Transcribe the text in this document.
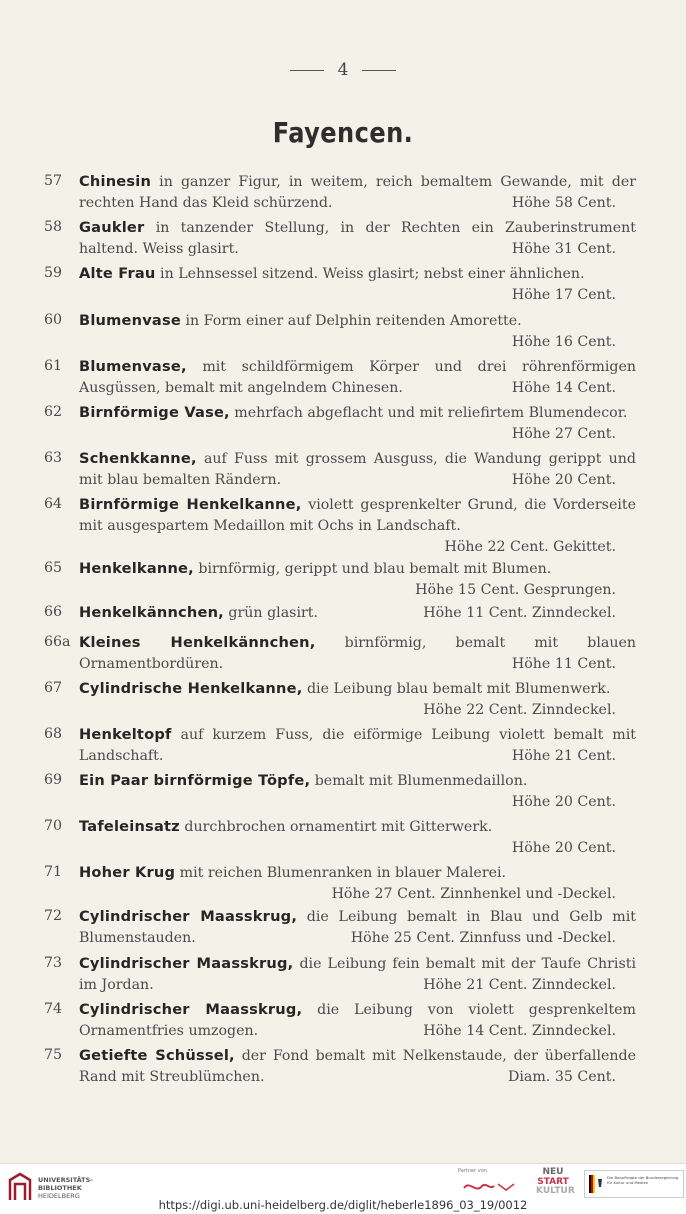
4
Fayencen.
57	Chinesin in ganzer Figur, in weitem, reich bemaltem Gewande, mit der rechten Hand das Kleid schürzend.	Höhe 58 Cent.
58	Gaukler in tanzender Stellung, in der Rechten ein Zauberinstrument haltend. Weiss glasirt.	Höhe 31 Cent.
59	Alte Frau in Lehnsessel sitzend. Weiss glasirt; nebst einer ähnlichen.
Höhe 17 Cent.
60	Blumenvase in Form einer auf Delphin reitenden Amorette.
Höhe 16 Cent.
61	Blumenvase, mit schildförmigem Körper und drei röhrenförmigen Ausgüssen, bemalt mit angelndem Chinesen.	Höhe 14 Cent.
62	Birnförmige Vase, mehrfach abgeflacht und mit reliefirtem Blumendecor.
Höhe 27 Cent.
63	Schenkkanne, auf Fuss mit grossem Ausguss, die Wandung gerippt und mit blau bemalten Rändern.	Höhe 20 Cent.
64	Birnförmige Henkelkanne, violett gesprenkelter Grund, die Vorderseite mit ausgespartem Medaillon mit Ochs in Landschaft.
Höhe 22 Cent. Gekittet.
65	Henkelkanne, birnförmig, gerippt und blau bemalt mit Blumen.
Höhe 15 Cent. Gesprungen.
66	Henkelkännchen, grün glasirt.	Höhe 11 Cent. Zinndeckel.
66a Kleines Henkelkännchen, birnförmig, bemalt mit blauen Ornamentbordüren.	Höhe 11 Cent.
67	Cylindrische Henkelkanne, die Leibung blau bemalt mit Blumenwerk.
Höhe 22 Cent. Zinndeckel.
68	Henkeltopf auf kurzem Fuss, die eiförmige Leibung violett bemalt mit Landschaft.	Höhe 21 Cent.
69	Ein Paar birnförmige Töpfe, bemalt mit Blumenmedaillon.
Höhe 20 Cent.
70	Tafeleinsatz durchbrochen ornamentirt mit Gitterwerk.
Höhe 20 Cent.
71	Hoher Krug mit reichen Blumenranken in blauer Malerei.
Höhe 27 Cent. Zinnhenkel und -Deckel.
72	Cylindrischer Maasskrug, die Leibung bemalt in Blau und Gelb mit Blumenstauden.	Höhe 25 Cent. Zinnfuss und -Deckel.
73	Cylindrischer Maasskrug, die Leibung fein bemalt mit der Taufe Christi im Jordan.	Höhe 21 Cent. Zinndeckel.
74	Cylindrischer Maasskrug, die Leibung von violett gesprenkeltem Ornamentfries umzogen.	Höhe 14 Cent. Zinndeckel.
75	Getiefte Schüssel, der Fond bemalt mit Nelkenstaude, der überfallende Rand mit Streublümchen.	Diam. 35 Cent.
UNIVERSITÄTS-
BIBLIOTHEK
HEIDELBERG
https://digi.ub.uni-heidelberg.de/diglit/heberle1896_03_19/0012
Partner von	NEU
START
KULTUR
Die Beauftragte der Bundesregierung für Kultur und Medien
